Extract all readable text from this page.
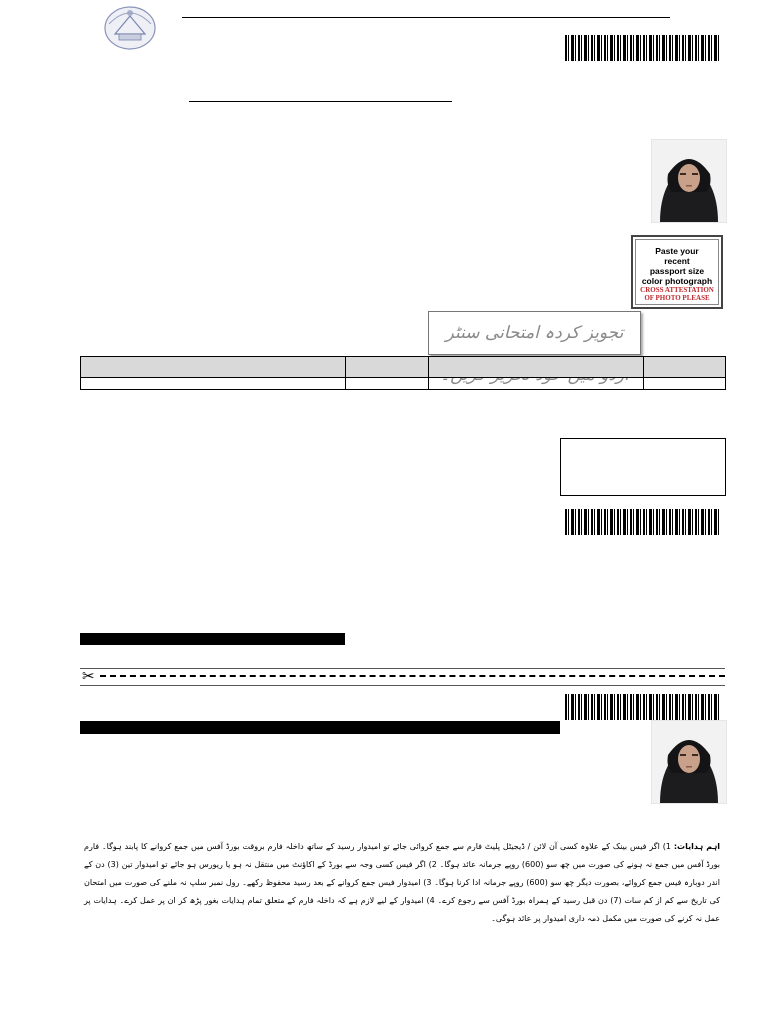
Paste your
recent
passport size
color photograph
CROSS ATTESTATION
OF PHOTO PLEASE
تجویز کردہ امتحانی سنٹر

✂
اہم ہدایات: 1) اگر فیس بینک کے علاوہ کسی آن لائن / ڈیجیٹل پلیٹ فارم سے جمع کروائی جائے تو امیدوار رسید کے ساتھ داخلہ فارم بروقت بورڈ آفس میں جمع کروانے کا پابند ہوگا۔ فارم بورڈ آفس میں جمع نہ ہونے کی صورت میں چھ سو (600) روپے جرمانہ عائد ہوگا۔ 2) اگر فیس کسی وجہ سے بورڈ کے اکاؤنٹ میں منتقل نہ ہو یا ریورس ہو جائے تو امیدوار تین (3) دن کے اندر دوبارہ فیس جمع کروائے، بصورت دیگر چھ سو (600) روپے جرمانہ ادا کرنا ہوگا۔ 3) امیدوار فیس جمع کروانے کے بعد رسید محفوظ رکھے۔ رول نمبر سلپ نہ ملنے کی صورت میں امتحان کی تاریخ سے کم از کم سات (7) دن قبل رسید کے ہمراہ بورڈ آفس سے رجوع کرے۔ 4) امیدوار کے لیے لازم ہے کہ داخلہ فارم کے متعلق تمام ہدایات بغور پڑھ کر ان پر عمل کرے۔ ہدایات پر عمل نہ کرنے کی صورت میں مکمل ذمہ داری امیدوار پر عائد ہوگی۔
